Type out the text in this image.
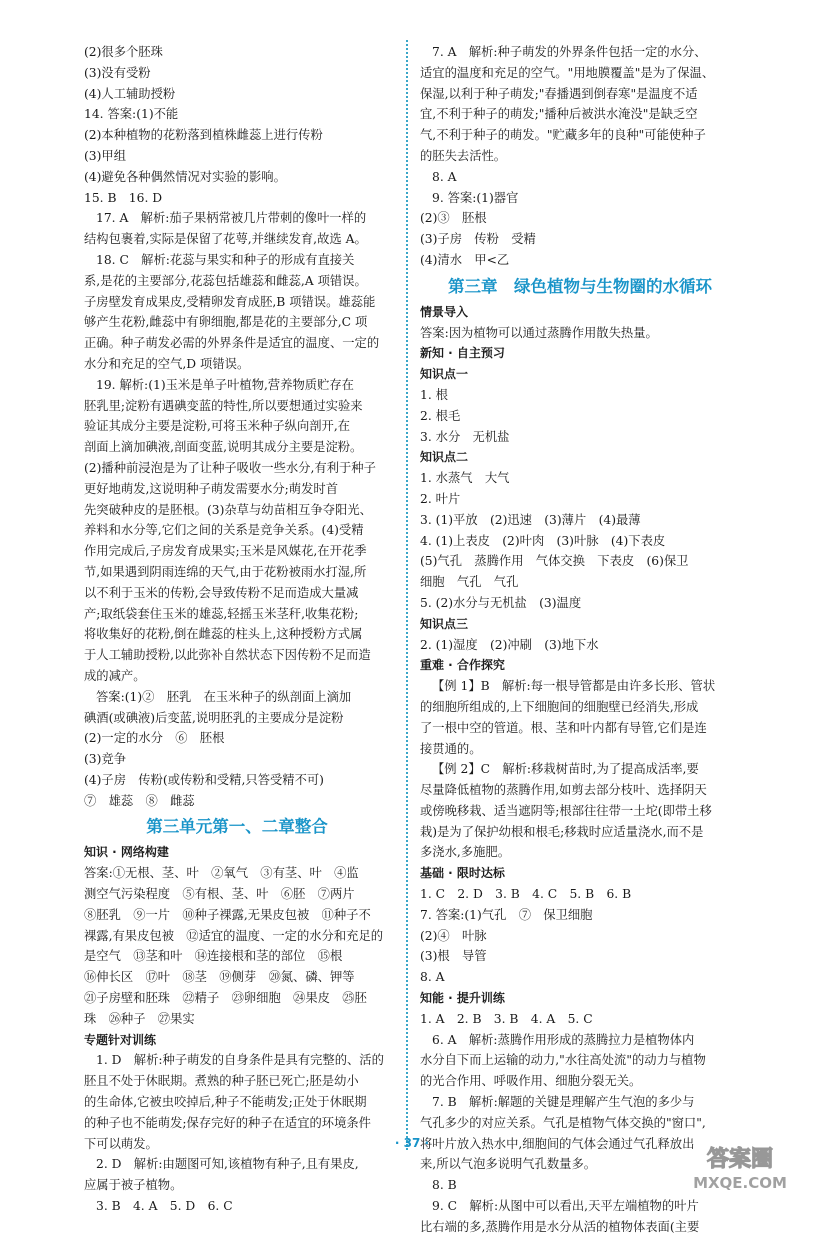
(2)很多个胚珠
(3)没有受粉
(4)人工辅助授粉
14. 答案:(1)不能
(2)本种植物的花粉落到植株雌蕊上进行传粉
(3)甲组
(4)避免各种偶然情况对实验的影响。
15. B　16. D
17. A　解析:茄子果柄常被几片带刺的像叶一样的
结构包裹着,实际是保留了花萼,并继续发育,故选 A。
18. C　解析:花蕊与果实和种子的形成有直接关
系,是花的主要部分,花蕊包括雄蕊和雌蕊,A 项错误。
子房壁发育成果皮,受精卵发育成胚,B 项错误。雄蕊能
够产生花粉,雌蕊中有卵细胞,都是花的主要部分,C 项
正确。种子萌发必需的外界条件是适宜的温度、一定的
水分和充足的空气,D 项错误。
19. 解析:(1)玉米是单子叶植物,营养物质贮存在
胚乳里;淀粉有遇碘变蓝的特性,所以要想通过实验来
验证其成分主要是淀粉,可将玉米种子纵向剖开,在
剖面上滴加碘液,剖面变蓝,说明其成分主要是淀粉。
(2)播种前浸泡是为了让种子吸收一些水分,有利于种子
更好地萌发,这说明种子萌发需要水分;萌发时首
先突破种皮的是胚根。(3)杂草与幼苗相互争夺阳光、
养料和水分等,它们之间的关系是竞争关系。(4)受精
作用完成后,子房发育成果实;玉米是风媒花,在开花季
节,如果遇到阴雨连绵的天气,由于花粉被雨水打湿,所
以不利于玉米的传粉,会导致传粉不足而造成大量减
产;取纸袋套住玉米的雄蕊,轻摇玉米茎秆,收集花粉;
将收集好的花粉,倒在雌蕊的柱头上,这种授粉方式属
于人工辅助授粉,以此弥补自然状态下因传粉不足而造
成的减产。
答案:(1)②　胚乳　在玉米种子的纵剖面上滴加
碘酒(或碘液)后变蓝,说明胚乳的主要成分是淀粉
(2)一定的水分　⑥　胚根
(3)竞争
(4)子房　传粉(或传粉和受精,只答受精不可)
⑦　雄蕊　⑧　雌蕊
第三单元第一、二章整合
知识 · 网络构建
答案:①无根、茎、叶　②氧气　③有茎、叶　④监
测空气污染程度　⑤有根、茎、叶　⑥胚　⑦两片
⑧胚乳　⑨一片　⑩种子裸露,无果皮包被　⑪种子不
裸露,有果皮包被　⑫适宜的温度、一定的水分和充足的
是空气　⑬茎和叶　⑭连接根和茎的部位　⑮根
⑯伸长区　⑰叶　⑱茎　⑲侧芽　⑳氮、磷、钾等
㉑子房壁和胚珠　㉒精子　㉓卵细胞　㉔果皮　㉕胚
珠　㉖种子　㉗果实
专题针对训练
1. D　解析:种子萌发的自身条件是具有完整的、活的
胚且不处于休眠期。煮熟的种子胚已死亡;胚是幼小
的生命体,它被虫咬掉后,种子不能萌发;正处于休眠期
的种子也不能萌发;保存完好的种子在适宜的环境条件
下可以萌发。
2. D　解析:由题图可知,该植物有种子,且有果皮,
应属于被子植物。
3. B　4. A　5. D　6. C
7. A　解析:种子萌发的外界条件包括一定的水分、
适宜的温度和充足的空气。"用地膜覆盖"是为了保温、
保湿,以利于种子萌发;"春播遇到倒春寒"是温度不适
宜,不利于种子的萌发;"播种后被洪水淹没"是缺乏空
气,不利于种子的萌发。"贮藏多年的良种"可能使种子
的胚失去活性。
8. A
9. 答案:(1)器官
(2)③　胚根
(3)子房　传粉　受精
(4)清水　甲<乙
第三章　绿色植物与生物圈的水循环
情景导入
答案:因为植物可以通过蒸腾作用散失热量。
新知 · 自主预习
知识点一
1. 根
2. 根毛
3. 水分　无机盐
知识点二
1. 水蒸气　大气
2. 叶片
3. (1)平放　(2)迅速　(3)薄片　(4)最薄
4. (1)上表皮　(2)叶肉　(3)叶脉　(4)下表皮
(5)气孔　蒸腾作用　气体交换　下表皮　(6)保卫
细胞　气孔　气孔
5. (2)水分与无机盐　(3)温度
知识点三
2. (1)湿度　(2)冲刷　(3)地下水
重难 · 合作探究
【例 1】B　解析:每一根导管都是由许多长形、管状
的细胞所组成的,上下细胞间的细胞壁已经消失,形成
了一根中空的管道。根、茎和叶内都有导管,它们是连
接贯通的。
【例 2】C　解析:移栽树苗时,为了提高成活率,要
尽量降低植物的蒸腾作用,如剪去部分枝叶、选择阴天
或傍晚移栽、适当遮阴等;根部往往带一土坨(即带土移
栽)是为了保护幼根和根毛;移栽时应适量浇水,而不是
多浇水,多施肥。
基础 · 限时达标
1. C　2. D　3. B　4. C　5. B　6. B
7. 答案:(1)气孔　⑦　保卫细胞
(2)④　叶脉
(3)根　导管
8. A
知能 · 提升训练
1. A　2. B　3. B　4. A　5. C
6. A　解析:蒸腾作用形成的蒸腾拉力是植物体内
水分自下而上运输的动力,"水往高处流"的动力与植物
的光合作用、呼吸作用、细胞分裂无关。
7. B　解析:解题的关键是理解产生气泡的多少与
气孔多少的对应关系。气孔是植物气体交换的"窗口",
将叶片放入热水中,细胞间的气体会通过气孔释放出
来,所以气泡多说明气孔数量多。
8. B
9. C　解析:从图中可以看出,天平左端植物的叶片
比右端的多,蒸腾作用是水分从活的植物体表面(主要
· 37 ·
答案圈
MXQE.COM
